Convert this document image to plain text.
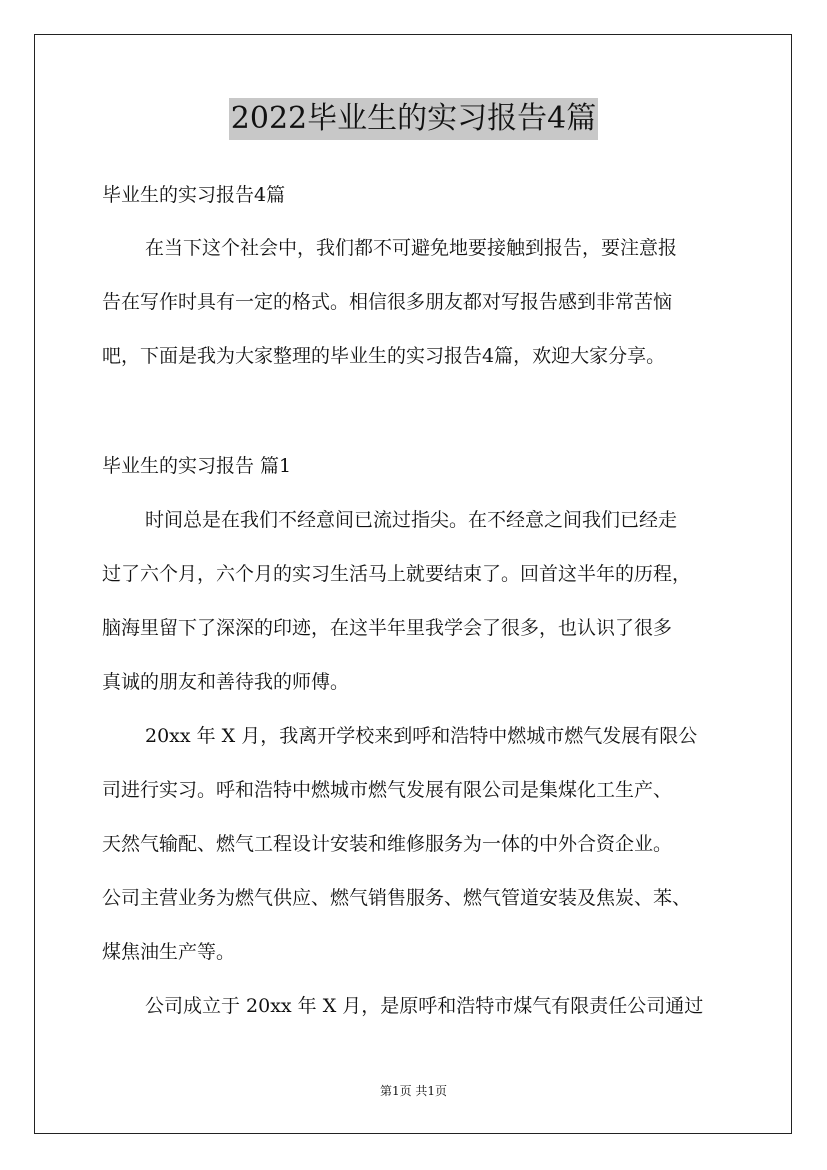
2022毕业生的实习报告4篇
毕业生的实习报告4篇
在当下这个社会中，我们都不可避免地要接触到报告，要注意报
告在写作时具有一定的格式。相信很多朋友都对写报告感到非常苦恼
吧，下面是我为大家整理的毕业生的实习报告4篇，欢迎大家分享。
毕业生的实习报告 篇1
时间总是在我们不经意间已流过指尖。在不经意之间我们已经走
过了六个月，六个月的实习生活马上就要结束了。回首这半年的历程，
脑海里留下了深深的印迹，在这半年里我学会了很多，也认识了很多
真诚的朋友和善待我的师傅。
20xx 年 X 月，我离开学校来到呼和浩特中燃城市燃气发展有限公
司进行实习。呼和浩特中燃城市燃气发展有限公司是集煤化工生产、
天然气输配、燃气工程设计安装和维修服务为一体的中外合资企业。
公司主营业务为燃气供应、燃气销售服务、燃气管道安装及焦炭、苯、
煤焦油生产等。
公司成立于 20xx 年 X 月，是原呼和浩特市煤气有限责任公司通过
第1页 共1页
